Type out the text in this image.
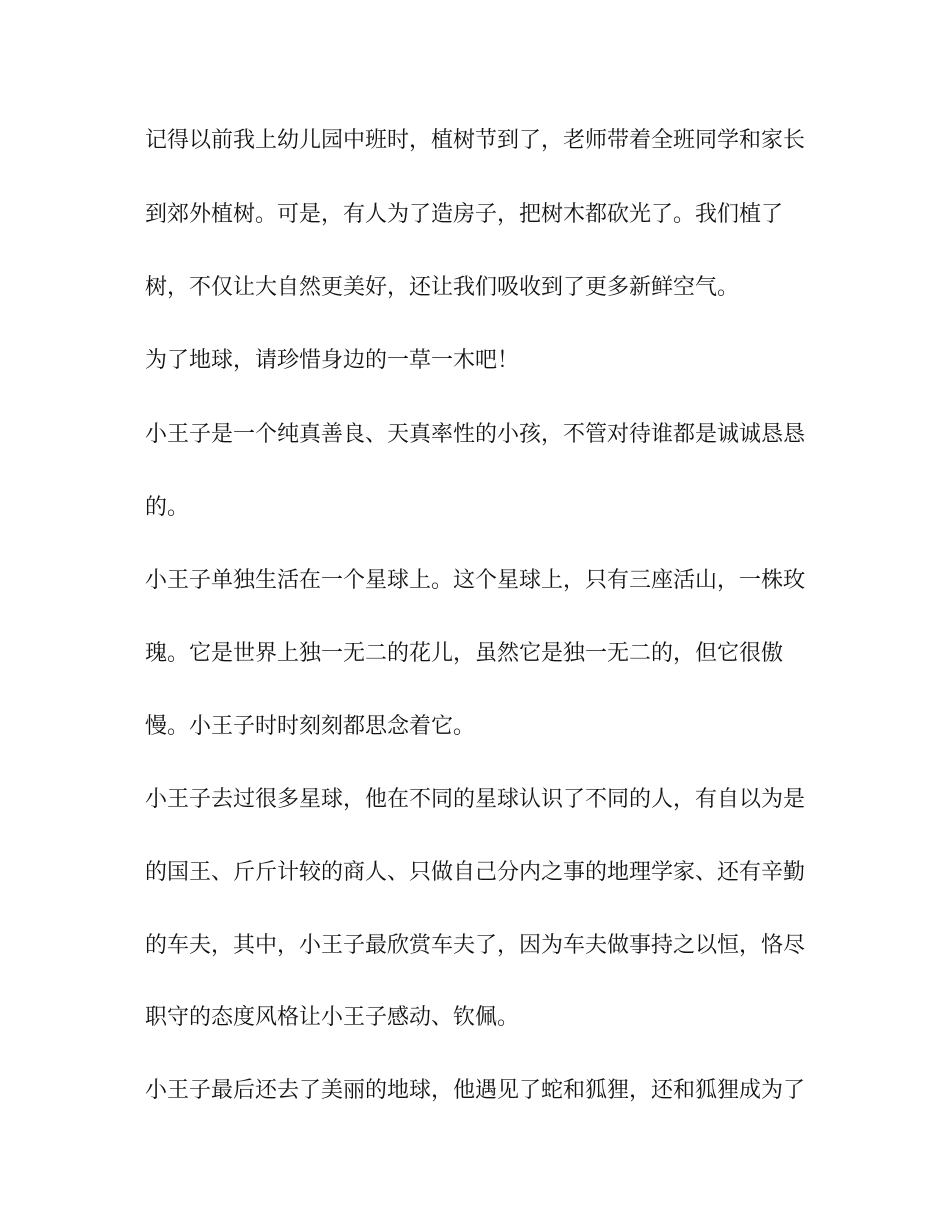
记得以前我上幼儿园中班时，植树节到了，老师带着全班同学和家长

到郊外植树。可是，有人为了造房子，把树木都砍光了。我们植了

树，不仅让大自然更美好，还让我们吸收到了更多新鲜空气。

为了地球，请珍惜身边的一草一木吧！

小王子是一个纯真善良、天真率性的小孩，不管对待谁都是诚诚恳恳

的。

小王子单独生活在一个星球上。这个星球上，只有三座活山，一株玫

瑰。它是世界上独一无二的花儿，虽然它是独一无二的，但它很傲

慢。小王子时时刻刻都思念着它。

小王子去过很多星球，他在不同的星球认识了不同的人，有自以为是

的国王、斤斤计较的商人、只做自己分内之事的地理学家、还有辛勤

的车夫，其中，小王子最欣赏车夫了，因为车夫做事持之以恒，恪尽

职守的态度风格让小王子感动、钦佩。

小王子最后还去了美丽的地球，他遇见了蛇和狐狸，还和狐狸成为了
